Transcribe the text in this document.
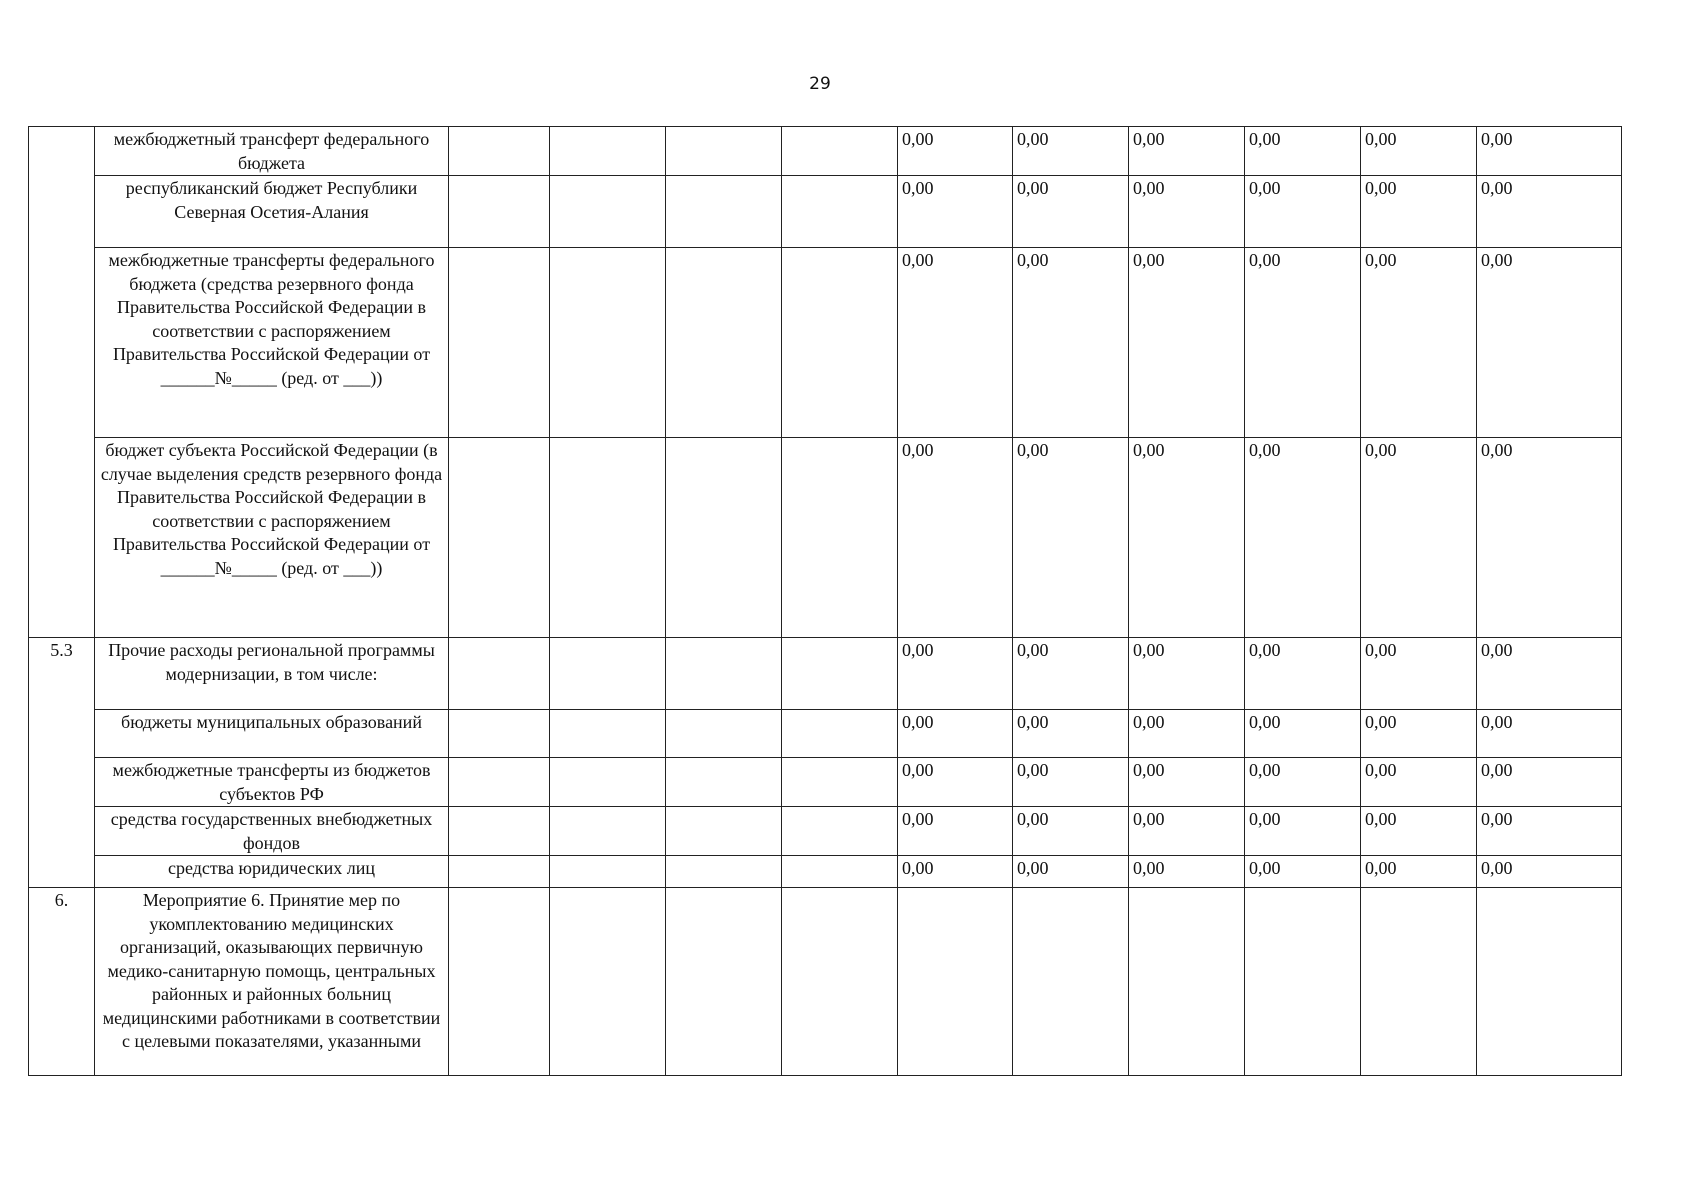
29
	межбюджетный трансферт федерального бюджета					0,00	0,00	0,00	0,00	0,00	0,00
	республиканский бюджет Республики Северная Осетия-Алания					0,00	0,00	0,00	0,00	0,00	0,00
	межбюджетные трансферты федерального бюджета (средства резервного фонда Правительства Российской Федерации в соответствии с распоряжением Правительства Российской Федерации от ______№_____ (ред. от ___))					0,00	0,00	0,00	0,00	0,00	0,00
	бюджет субъекта Российской Федерации (в случае выделения средств резервного фонда Правительства Российской Федерации в соответствии с распоряжением Правительства Российской Федерации от ______№_____ (ред. от ___))					0,00	0,00	0,00	0,00	0,00	0,00
5.3	Прочие расходы региональной программы модернизации, в том числе:					0,00	0,00	0,00	0,00	0,00	0,00
	бюджеты муниципальных образований					0,00	0,00	0,00	0,00	0,00	0,00
	межбюджетные трансферты из бюджетов субъектов РФ					0,00	0,00	0,00	0,00	0,00	0,00
	средства государственных внебюджетных фондов					0,00	0,00	0,00	0,00	0,00	0,00
	средства юридических лиц					0,00	0,00	0,00	0,00	0,00	0,00
6.	Мероприятие 6. Принятие мер по укомплектованию медицинских организаций, оказывающих первичную медико-санитарную помощь, центральных районных и районных больниц медицинскими работниками в соответствии с целевыми показателями, указанными										
